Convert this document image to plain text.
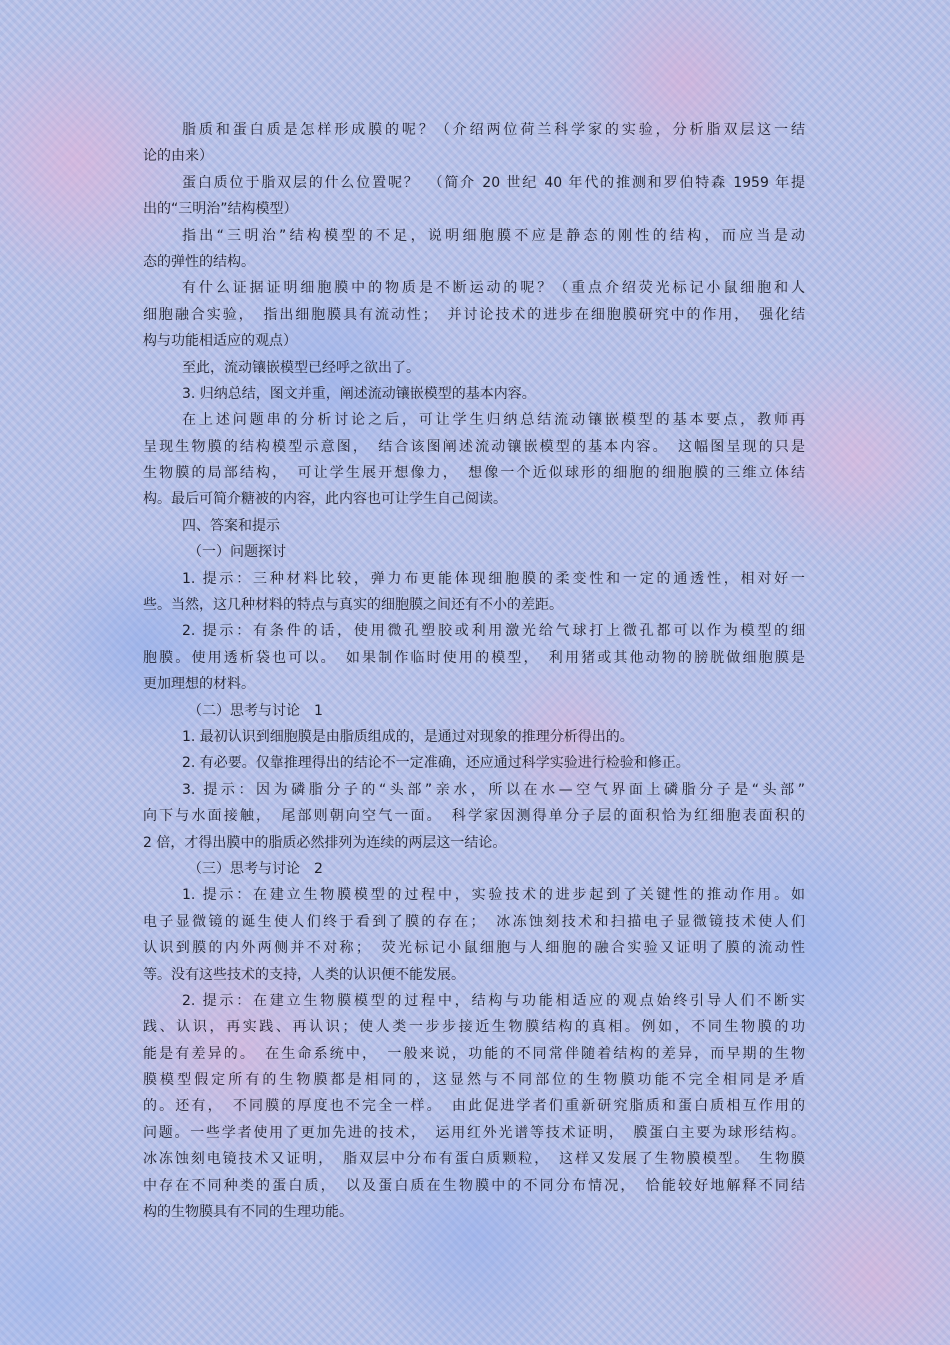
脂质和蛋白质是怎样形成膜的呢？（介绍两位荷兰科学家的实验，分析脂双层这一结
论的由来）
蛋白质位于脂双层的什么位置呢？　（简介 20 世纪 40 年代的推测和罗伯特森 1959 年提
出的“三明治”结构模型）
指出“三明治”结构模型的不足，说明细胞膜不应是静态的刚性的结构，而应当是动
态的弹性的结构。
有什么证据证明细胞膜中的物质是不断运动的呢？（重点介绍荧光标记小鼠细胞和人
细胞融合实验，　指出细胞膜具有流动性；　并讨论技术的进步在细胞膜研究中的作用，　强化结
构与功能相适应的观点）
至此，流动镶嵌模型已经呼之欲出了。
3. 归纳总结，图文并重，阐述流动镶嵌模型的基本内容。
在上述问题串的分析讨论之后，可让学生归纳总结流动镶嵌模型的基本要点，教师再
呈现生物膜的结构模型示意图，　结合该图阐述流动镶嵌模型的基本内容。　这幅图呈现的只是
生物膜的局部结构，　可让学生展开想像力，　想像一个近似球形的细胞的细胞膜的三维立体结
构。最后可简介糖被的内容，此内容也可让学生自己阅读。
四、答案和提示
（一）问题探讨
1. 提示：三种材料比较，弹力布更能体现细胞膜的柔变性和一定的通透性，相对好一
些。当然，这几种材料的特点与真实的细胞膜之间还有不小的差距。
2. 提示：有条件的话，使用微孔塑胶或利用激光给气球打上微孔都可以作为模型的细
胞膜。使用透析袋也可以。　如果制作临时使用的模型，　利用猪或其他动物的膀胱做细胞膜是
更加理想的材料。
（二）思考与讨论　1
1. 最初认识到细胞膜是由脂质组成的，是通过对现象的推理分析得出的。
2. 有必要。仅靠推理得出的结论不一定准确，还应通过科学实验进行检验和修正。
3. 提示：因为磷脂分子的“头部”亲水，所以在水—空气界面上磷脂分子是“头部”
向下与水面接触，　尾部则朝向空气一面。　科学家因测得单分子层的面积恰为红细胞表面积的
2 倍，才得出膜中的脂质必然排列为连续的两层这一结论。
（三）思考与讨论　2
1. 提示：在建立生物膜模型的过程中，实验技术的进步起到了关键性的推动作用。如
电子显微镜的诞生使人们终于看到了膜的存在；　冰冻蚀刻技术和扫描电子显微镜技术使人们
认识到膜的内外两侧并不对称；　荧光标记小鼠细胞与人细胞的融合实验又证明了膜的流动性
等。没有这些技术的支持，人类的认识便不能发展。
2. 提示：在建立生物膜模型的过程中，结构与功能相适应的观点始终引导人们不断实
践、认识，再实践、再认识；使人类一步步接近生物膜结构的真相。例如，不同生物膜的功
能是有差异的。　在生命系统中，　一般来说，功能的不同常伴随着结构的差异，而早期的生物
膜模型假定所有的生物膜都是相同的，这显然与不同部位的生物膜功能不完全相同是矛盾
的。还有，　不同膜的厚度也不完全一样。　由此促进学者们重新研究脂质和蛋白质相互作用的
问题。一些学者使用了更加先进的技术，　运用红外光谱等技术证明，　膜蛋白主要为球形结构。
冰冻蚀刻电镜技术又证明，　脂双层中分布有蛋白质颗粒，　这样又发展了生物膜模型。　生物膜
中存在不同种类的蛋白质，　以及蛋白质在生物膜中的不同分布情况，　恰能较好地解释不同结
构的生物膜具有不同的生理功能。
